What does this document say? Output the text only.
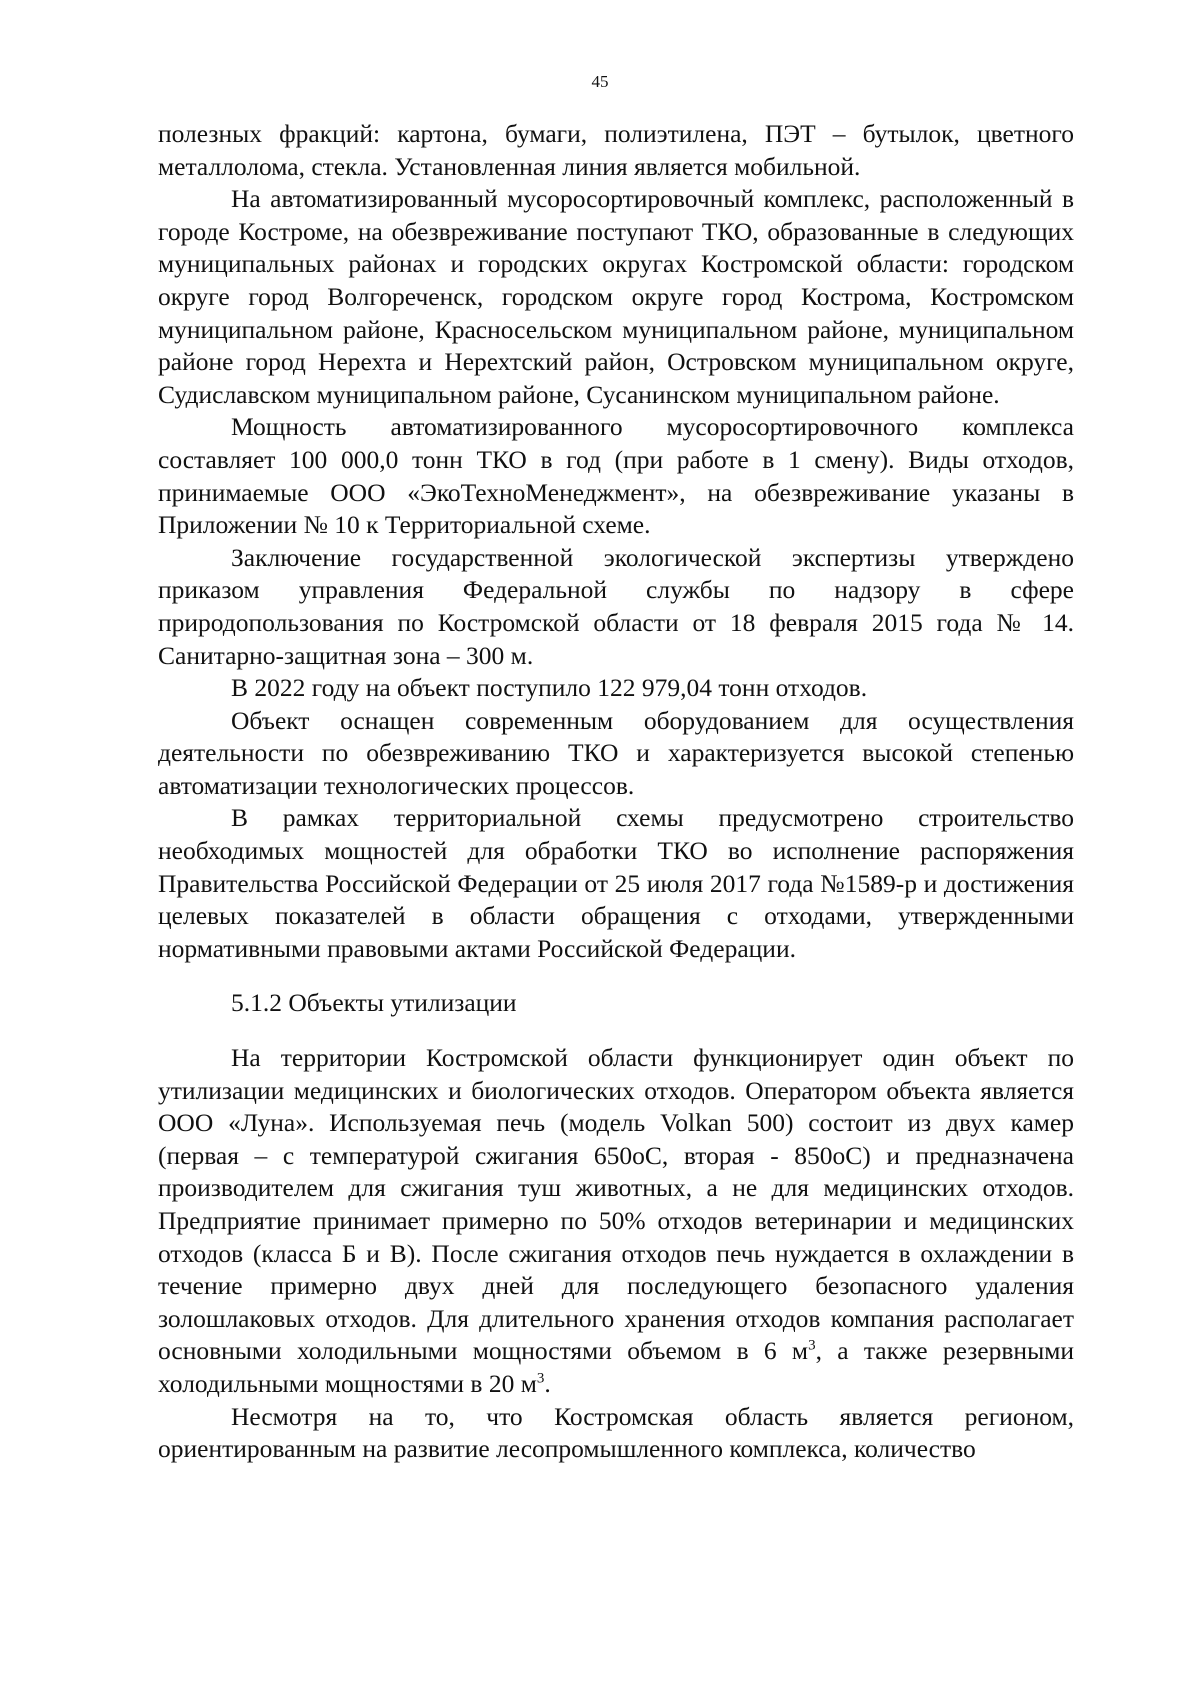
45

полезных фракций: картона, бумаги, полиэтилена, ПЭТ – бутылок, цветного металлолома, стекла. Установленная линия является мобильной.

На автоматизированный мусоросортировочный комплекс, расположенный в городе Костроме, на обезвреживание поступают ТКО, образованные в следующих муниципальных районах и городских округах Костромской области: городском округе город Волгореченск, городском округе город Кострома, Костромском муниципальном районе, Красносельском муниципальном районе, муниципальном районе город Нерехта и Нерехтский район, Островском муниципальном округе, Судиславском муниципальном районе, Сусанинском муниципальном районе.

Мощность автоматизированного мусоросортировочного комплекса составляет 100 000,0 тонн ТКО в год (при работе в 1 смену). Виды отходов, принимаемые ООО «ЭкоТехноМенеджмент», на обезвреживание указаны в Приложении № 10 к Территориальной схеме.

Заключение государственной экологической экспертизы утверждено приказом управления Федеральной службы по надзору в сфере природопользования по Костромской области от 18 февраля 2015 года № 14. Санитарно-защитная зона – 300 м.

В 2022 году на объект поступило 122 979,04 тонн отходов.

Объект оснащен современным оборудованием для осуществления деятельности по обезвреживанию ТКО и характеризуется высокой степенью автоматизации технологических процессов.

В рамках территориальной схемы предусмотрено строительство необходимых мощностей для обработки ТКО во исполнение распоряжения Правительства Российской Федерации от 25 июля 2017 года №1589-р и достижения целевых показателей в области обращения с отходами, утвержденными нормативными правовыми актами Российской Федерации.

5.1.2 Объекты утилизации

На территории Костромской области функционирует один объект по утилизации медицинских и биологических отходов. Оператором объекта является ООО «Луна». Используемая печь (модель Volkan 500) состоит из двух камер (первая – с температурой сжигания 650оС, вторая - 850оС) и предназначена производителем для сжигания туш животных, а не для медицинских отходов. Предприятие принимает примерно по 50% отходов ветеринарии и медицинских отходов (класса Б и В). После сжигания отходов печь нуждается в охлаждении в течение примерно двух дней для последующего безопасного удаления золошлаковых отходов. Для длительного хранения отходов компания располагает основными холодильными мощностями объемом в 6 $м^3$, а также резервными холодильными мощностями в 20 $м^3$.

Несмотря на то, что Костромская область является регионом, ориентированным на развитие лесопромышленного комплекса, количество
